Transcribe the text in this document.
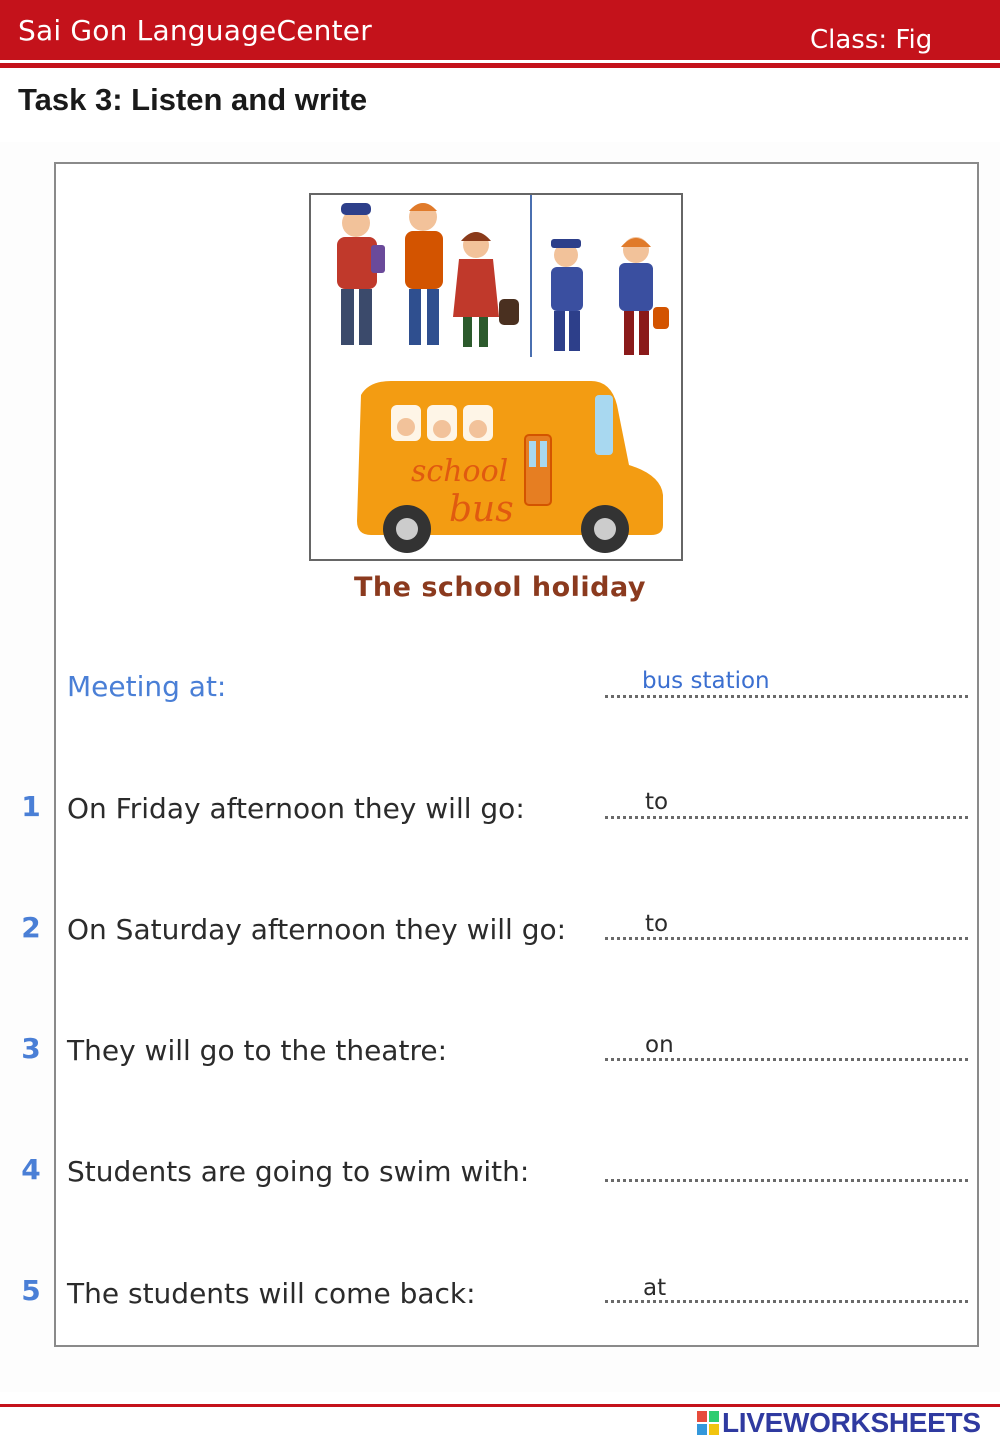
Sai Gon LanguageCenter	Class: Fig
Task 3: Listen and write
school
bus
The school holiday
Meeting at:	bus station
1 On Friday afternoon they will go:	to
2 On Saturday afternoon they will go:	to
3 They will go to the theatre:	on
4 Students are going to swim with:
5 The students will come back:	at
LIVEWORKSHEETS
